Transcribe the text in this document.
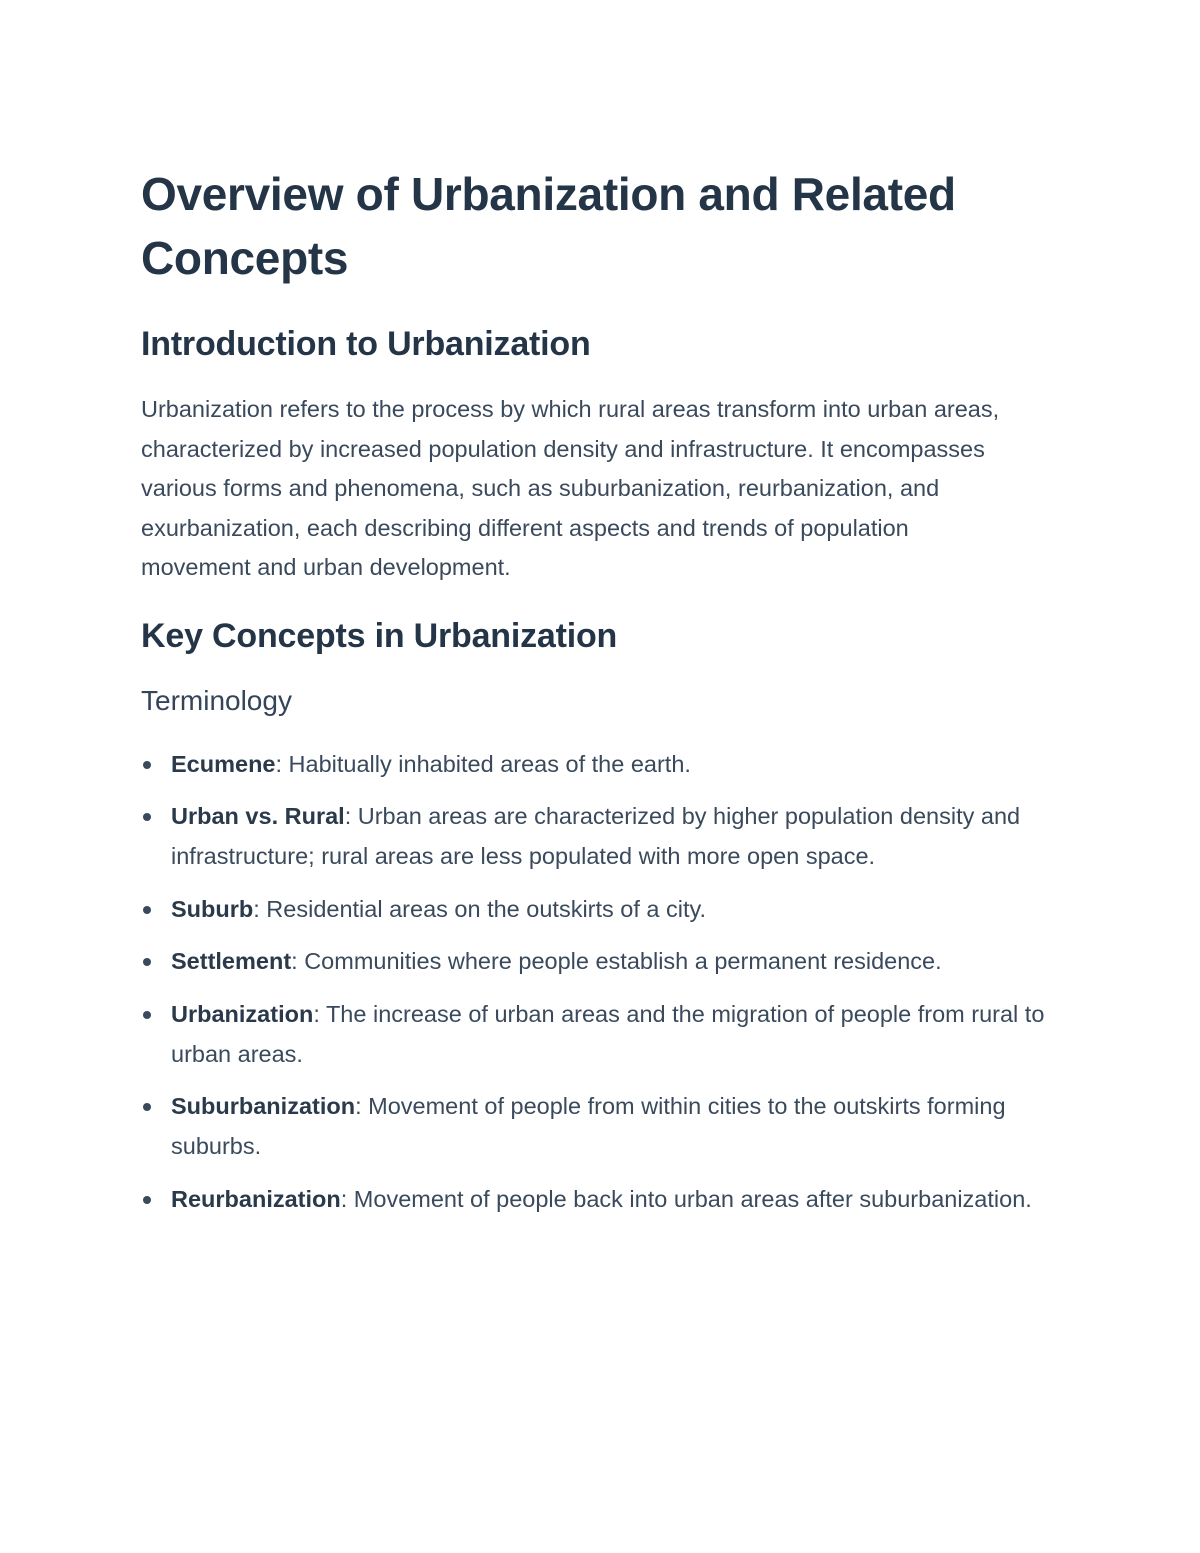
Overview of Urbanization and Related Concepts
Introduction to Urbanization

Urbanization refers to the process by which rural areas transform into urban areas, characterized by increased population density and infrastructure. It encompasses various forms and phenomena, such as suburbanization, reurbanization, and exurbanization, each describing different aspects and trends of population movement and urban development.

Key Concepts in Urbanization
Terminology
Ecumene: Habitually inhabited areas of the earth.
Urban vs. Rural: Urban areas are characterized by higher population density and infrastructure; rural areas are less populated with more open space.
Suburb: Residential areas on the outskirts of a city.
Settlement: Communities where people establish a permanent residence.
Urbanization: The increase of urban areas and the migration of people from rural to urban areas.
Suburbanization: Movement of people from within cities to the outskirts forming suburbs.
Reurbanization: Movement of people back into urban areas after suburbanization.
